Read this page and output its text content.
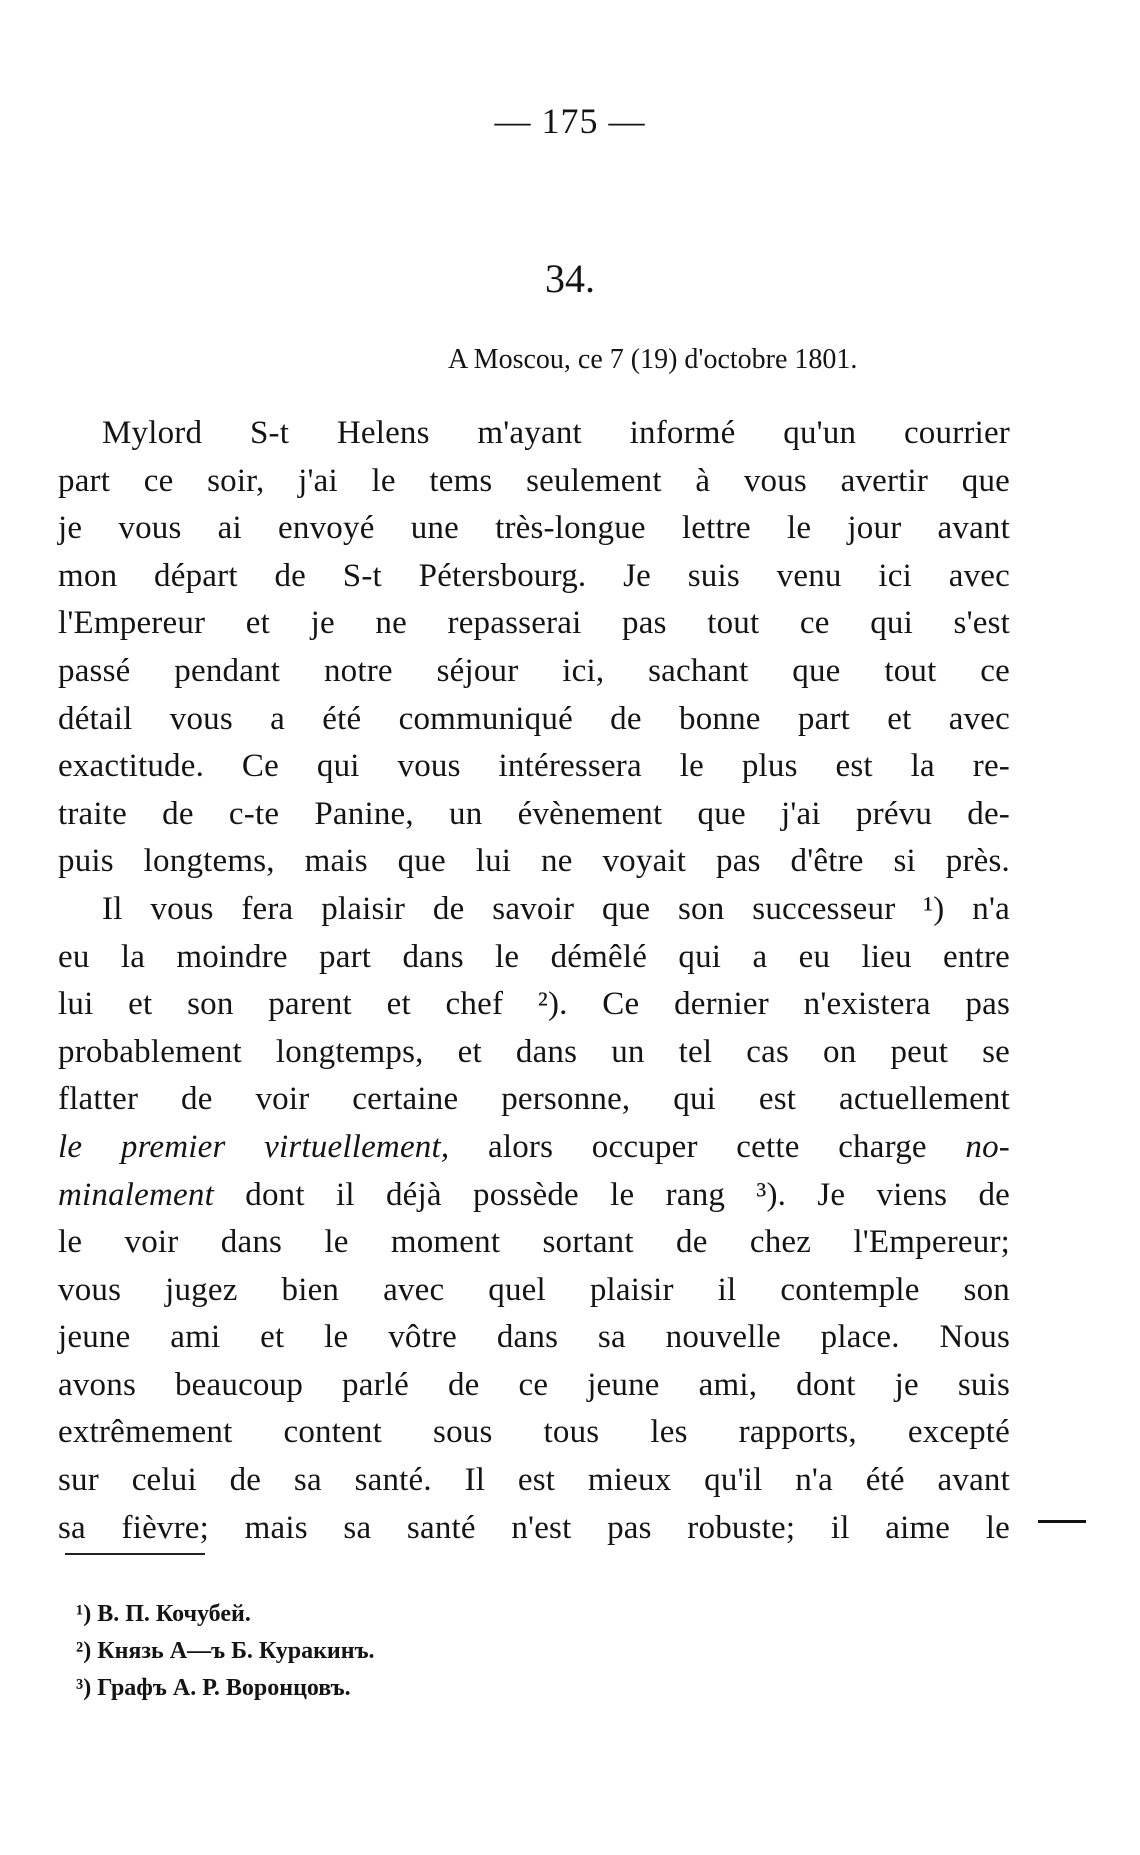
— 175 —
34.
A Moscou, ce 7 (19) d'octobre 1801.
Mylord S-t Helens m'ayant informé qu'un courrier
part ce soir, j'ai le tems seulement à vous avertir que
je vous ai envoyé une très-longue lettre le jour avant
mon départ de S-t Pétersbourg. Je suis venu ici avec
l'Empereur et je ne repasserai pas tout ce qui s'est
passé pendant notre séjour ici, sachant que tout ce
détail vous a été communiqué de bonne part et avec
exactitude. Ce qui vous intéressera le plus est la re-
traite de c-te Panine, un évènement que j'ai prévu de-
puis longtems, mais que lui ne voyait pas d'être si près.
Il vous fera plaisir de savoir que son successeur ¹) n'a
eu la moindre part dans le démêlé qui a eu lieu entre
lui et son parent et chef ²). Ce dernier n'existera pas
probablement longtemps, et dans un tel cas on peut se
flatter de voir certaine personne, qui est actuellement
le premier virtuellement, alors occuper cette charge no-
minalement dont il déjà possède le rang ³). Je viens de
le voir dans le moment sortant de chez l'Empereur;
vous jugez bien avec quel plaisir il contemple son
jeune ami et le vôtre dans sa nouvelle place. Nous
avons beaucoup parlé de ce jeune ami, dont je suis
extrêmement content sous tous les rapports, excepté
sur celui de sa santé. Il est mieux qu'il n'a été avant
sa fièvre; mais sa santé n'est pas robuste; il aime le
¹) В. П. Кочубей.
²) Князь А—ъ Б. Куракинъ.
³) Графъ А. Р. Воронцовъ.
